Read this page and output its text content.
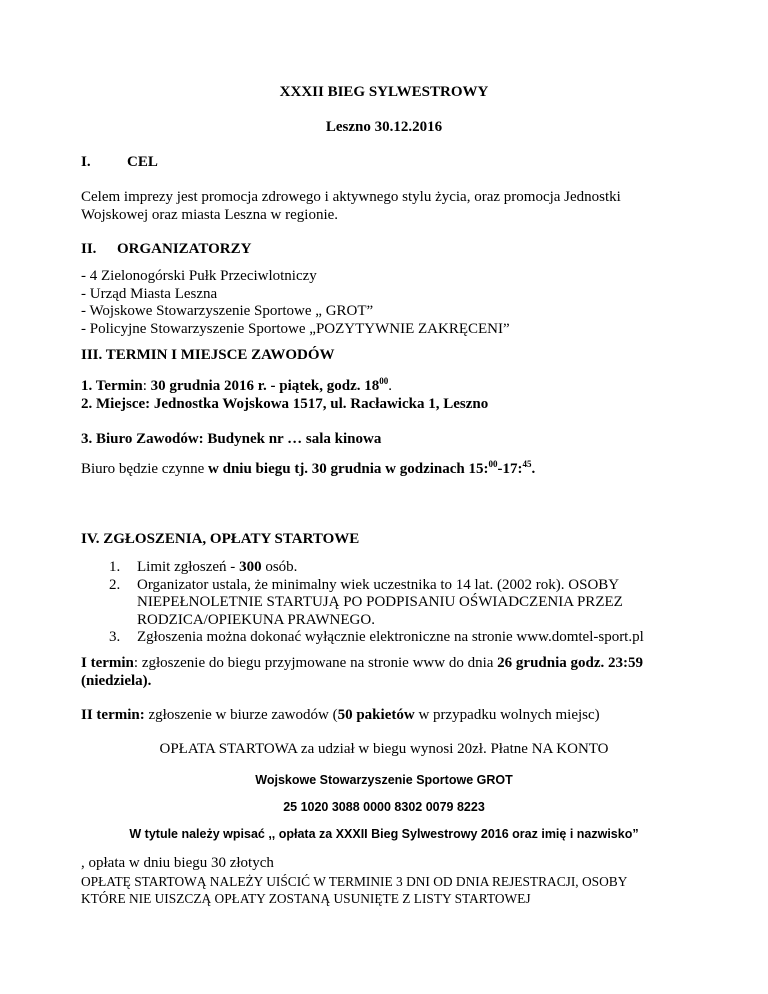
XXXII BIEG SYLWESTROWY

Leszno 30.12.2016

I. CEL

Celem imprezy jest promocja zdrowego i aktywnego stylu życia, oraz promocja Jednostki
Wojskowej oraz miasta Leszna w regionie.

II. ORGANIZATORZY

- 4 Zielonogórski Pułk Przeciwlotniczy
- Urząd Miasta Leszna
- Wojskowe Stowarzyszenie Sportowe „ GROT”
- Policyjne Stowarzyszenie Sportowe „POZYTYWNIE ZAKRĘCENI”

III. TERMIN I MIEJSCE ZAWODÓW

1. Termin: 30 grudnia 2016 r. - piątek, godz. $18^{00}$.

2. Miejsce: Jednostka Wojskowa 1517, ul. Racławicka 1, Leszno

3. Biuro Zawodów: Budynek nr … sala kinowa

Biuro będzie czynne w dniu biegu tj. 30 grudnia w godzinach 15:$^{00}$-17:$^{45}$.

IV. ZGŁOSZENIA, OPŁATY STARTOWE

1.	Limit zgłoszeń - 300 osób.
2.	Organizator ustala, że minimalny wiek uczestnika to 14 lat. (2002 rok). OSOBY
NIEPEŁNOLETNIE STARTUJĄ PO PODPISANIU OŚWIADCZENIA PRZEZ
RODZICA/OPIEKUNA PRAWNEGO.
3.	Zgłoszenia można dokonać wyłącznie elektroniczne na stronie www.domtel-sport.pl

I termin: zgłoszenie do biegu przyjmowane na stronie www do dnia 26 grudnia godz. 23:59
(niedziela).

II termin: zgłoszenie w biurze zawodów (50 pakietów w przypadku wolnych miejsc)

OPŁATA STARTOWA za udział w biegu wynosi 20zł. Płatne NA KONTO

Wojskowe Stowarzyszenie Sportowe GROT

25 1020 3088 0000 8302 0079 8223

W tytule należy wpisać ,, opłata za XXXII Bieg Sylwestrowy 2016 oraz imię i nazwisko”

, opłata w dniu biegu 30 złotych
OPŁATĘ STARTOWĄ NALEŻY UIŚCIĆ W TERMINIE 3 DNI OD DNIA REJESTRACJI, OSOBY
KTÓRE NIE UISZCZĄ OPŁATY ZOSTANĄ USUNIĘTE Z LISTY STARTOWEJ
